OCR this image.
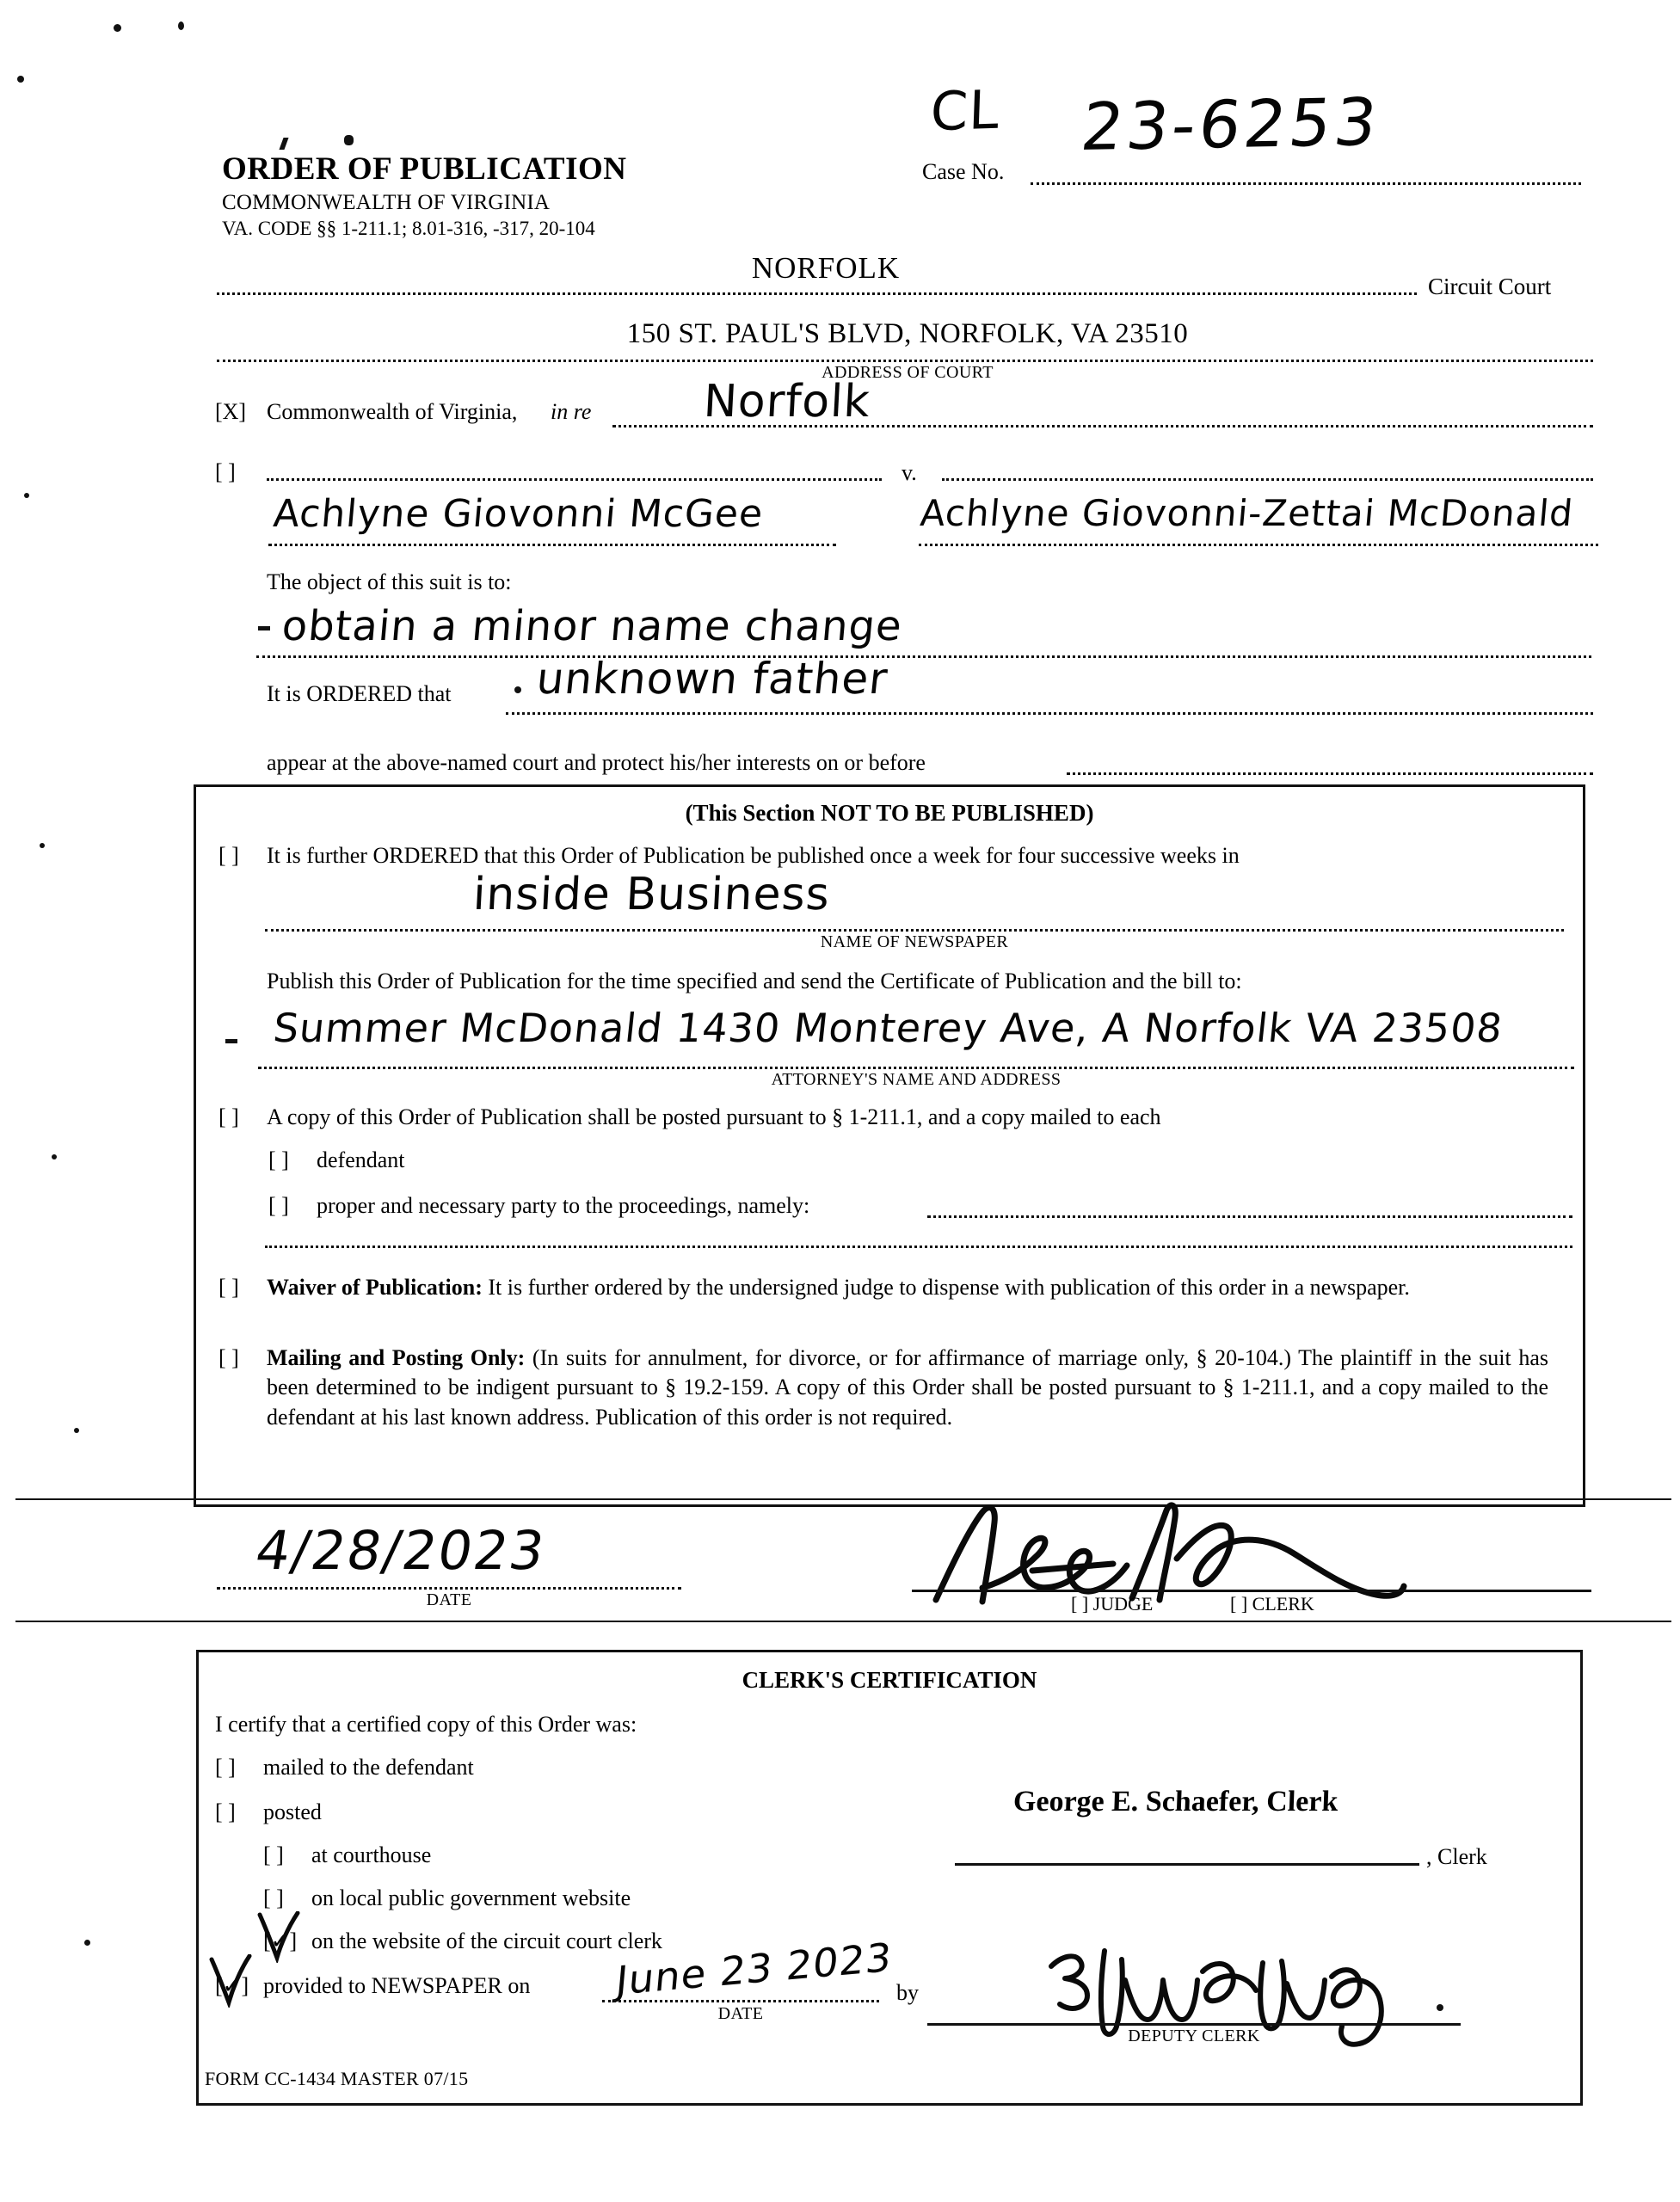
ORDER OF PUBLICATION
COMMONWEALTH OF VIRGINIA
VA. CODE §§ 1-211.1; 8.01-316, -317, 20-104
Case No.
CL 23-6253
NORFOLK
Circuit Court
150 ST. PAUL'S BLVD, NORFOLK, VA 23510
ADDRESS OF COURT
[X] Commonwealth of Virginia, in re Norfolk
[ ]	v.
Achlyne Giovonni McGee	Achlyne Giovonni-Zettai McDonald
The object of this suit is to:
obtain a minor name change
It is ORDERED that unknown father
appear at the above-named court and protect his/her interests on or before
(This Section NOT TO BE PUBLISHED)
[ ] It is further ORDERED that this Order of Publication be published once a week for four successive weeks in
inside Business
NAME OF NEWSPAPER
Publish this Order of Publication for the time specified and send the Certificate of Publication and the bill to:
Summer McDonald 1430 Monterey Ave, A Norfolk VA 23508
ATTORNEY'S NAME AND ADDRESS
[ ] A copy of this Order of Publication shall be posted pursuant to § 1-211.1, and a copy mailed to each
[ ] defendant
[ ] proper and necessary party to the proceedings, namely:
[ ] Waiver of Publication: It is further ordered by the undersigned judge to dispense with publication of this order in a newspaper.
[ ] Mailing and Posting Only: (In suits for annulment, for divorce, or for affirmance of marriage only, § 20-104.) The plaintiff in the suit has been determined to be indigent pursuant to § 19.2-159. A copy of this Order shall be posted pursuant to § 1-211.1, and a copy mailed to the defendant at his last known address. Publication of this order is not required.
4/28/2023
DATE	[ ] JUDGE	[ ] CLERK
CLERK'S CERTIFICATION
I certify that a certified copy of this Order was:
[ ] mailed to the defendant
[ ] posted
[ ] at courthouse
[ ] on local public government website
[✓] on the website of the circuit court clerk
[✓] provided to NEWSPAPER on June 23 2023
DATE
by
DEPUTY CLERK
George E. Schaefer, Clerk
, Clerk
FORM CC-1434 MASTER 07/15
